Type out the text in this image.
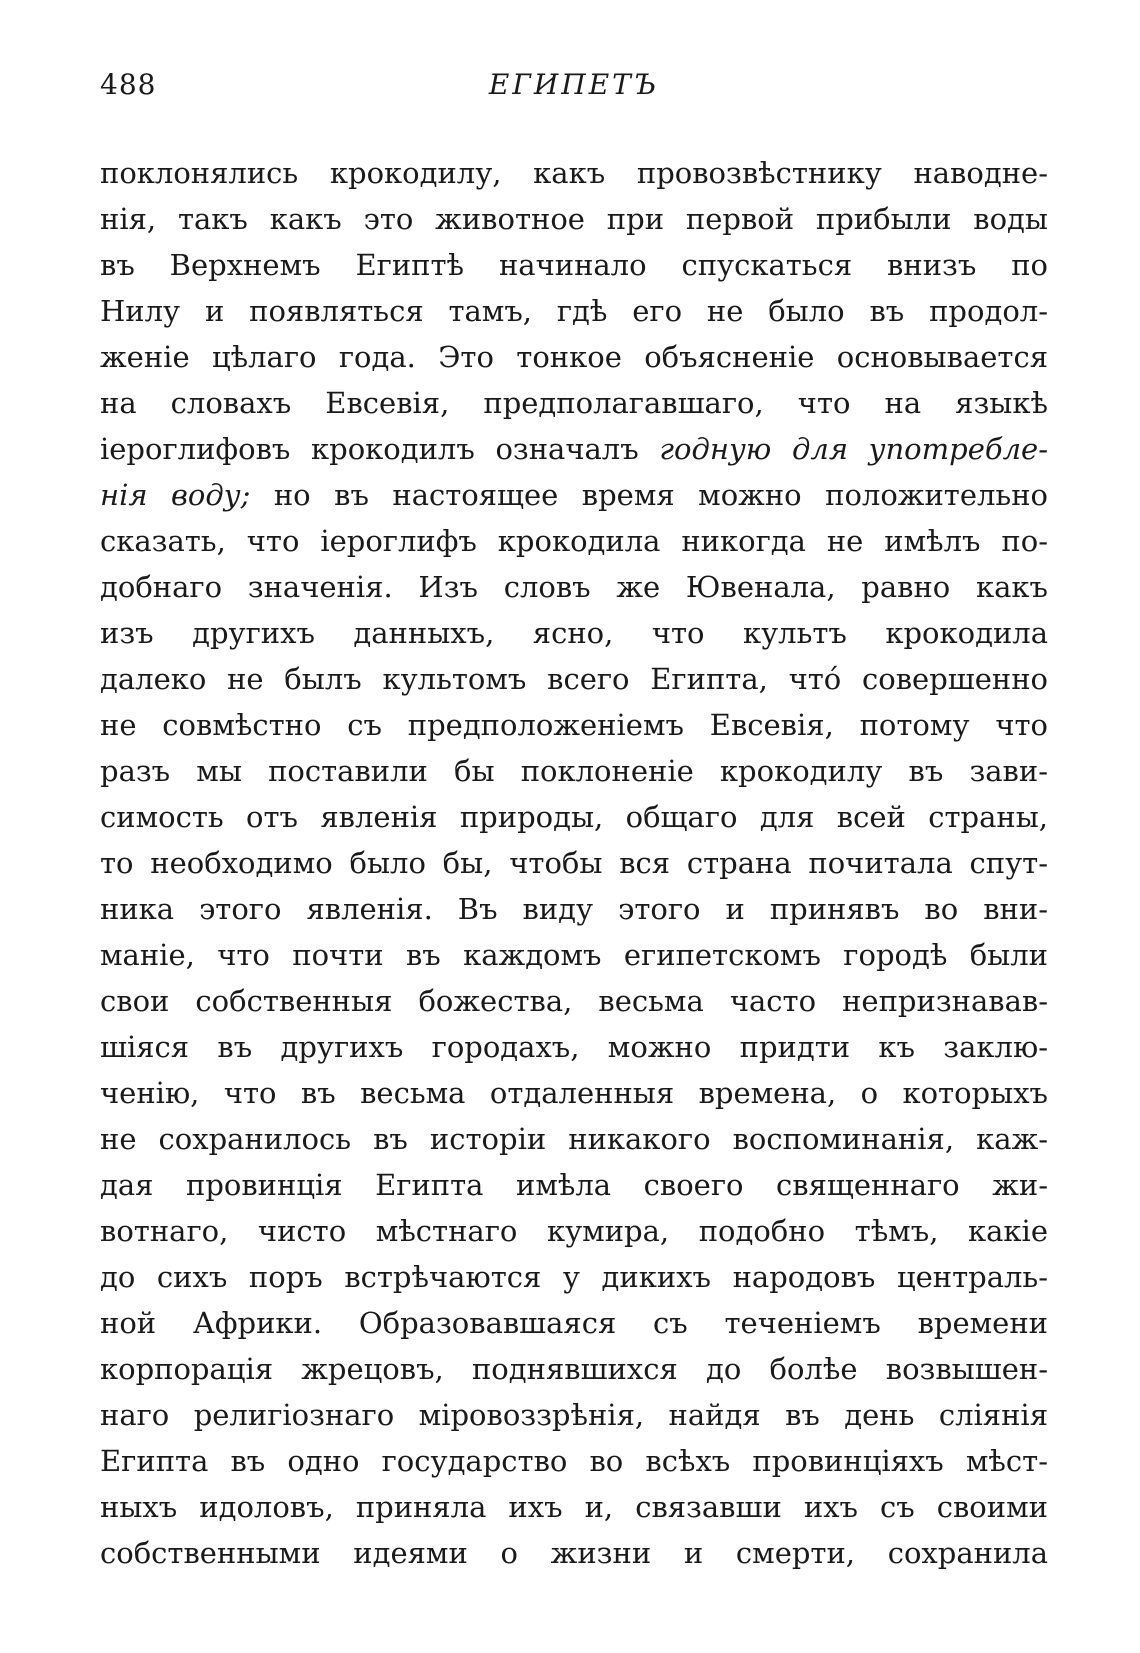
488	ЕГИПЕТЪ
поклонялись крокодилу, какъ провозвѣстнику наводне-
нія, такъ какъ это животное при первой прибыли воды
въ Верхнемъ Египтѣ начинало спускаться внизъ по
Нилу и появляться тамъ, гдѣ его не было въ продол-
женіе цѣлаго года. Это тонкое объясненіе основывается
на словахъ Евсевія, предполагавшаго, что на языкѣ
іероглифовъ крокодилъ означалъ годную для употребле-
нія воду; но въ настоящее время можно положительно
сказать, что іероглифъ крокодила никогда не имѣлъ по-
добнаго значенія. Изъ словъ же Ювенала, равно какъ
изъ другихъ данныхъ, ясно, что культъ крокодила
далеко не былъ культомъ всего Египта, что́ совершенно
не совмѣстно съ предположеніемъ Евсевія, потому что
разъ мы поставили бы поклоненіе крокодилу въ зави-
симость отъ явленія природы, общаго для всей страны,
то необходимо было бы, чтобы вся страна почитала спут-
ника этого явленія. Въ виду этого и принявъ во вни-
маніе, что почти въ каждомъ египетскомъ городѣ были
свои собственныя божества, весьма часто непризнавав-
шіяся въ другихъ городахъ, можно придти къ заклю-
ченію, что въ весьма отдаленныя времена, о которыхъ
не сохранилось въ исторіи никакого воспоминанія, каж-
дая провинція Египта имѣла своего священнаго жи-
вотнаго, чисто мѣстнаго кумира, подобно тѣмъ, какіе
до сихъ поръ встрѣчаются у дикихъ народовъ централь-
ной Африки. Образовавшаяся съ теченіемъ времени
корпорація жрецовъ, поднявшихся до болѣе возвышен-
наго религіознаго міровоззрѣнія, найдя въ день сліянія
Египта въ одно государство во всѣхъ провинціяхъ мѣст-
ныхъ идоловъ, приняла ихъ и, связавши ихъ съ своими
собственными идеями о жизни и смерти, сохранила
